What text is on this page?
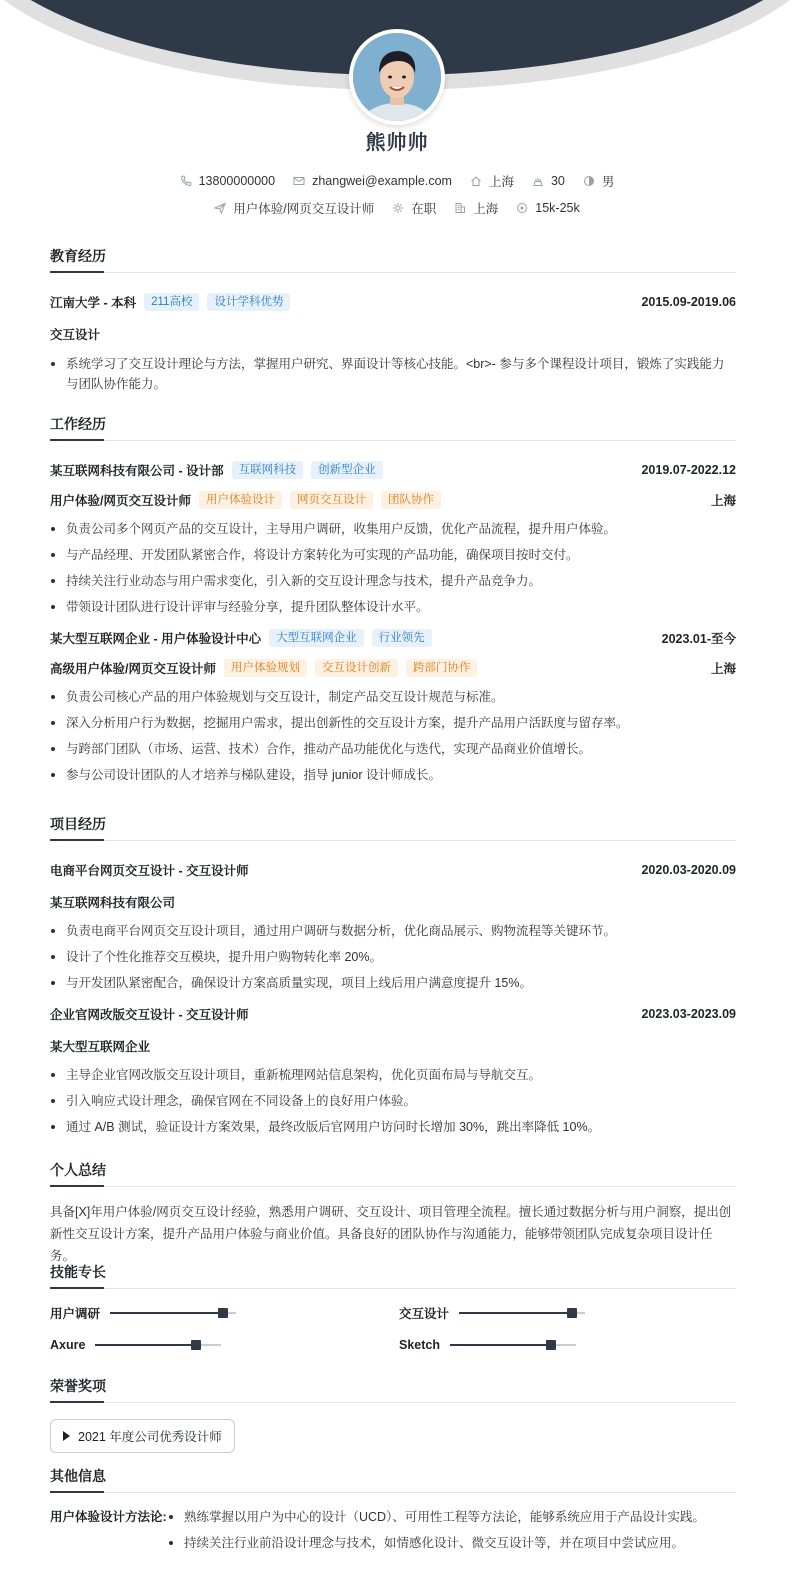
熊帅帅
13800000000	zhangwei@example.com	上海	30	男
用户体验/网页交互设计师	在职	上海	15k-25k
教育经历
江南大学 - 本科	211高校	设计学科优势	2015.09-2019.06
交互设计
系统学习了交互设计理论与方法，掌握用户研究、界面设计等核心技能。<br>- 参与多个课程设计项目，锻炼了实践能力与团队协作能力。
工作经历
某互联网科技有限公司 - 设计部	互联网科技	创新型企业	2019.07-2022.12
用户体验/网页交互设计师	用户体验设计	网页交互设计	团队协作	上海
负责公司多个网页产品的交互设计，主导用户调研，收集用户反馈，优化产品流程，提升用户体验。
与产品经理、开发团队紧密合作，将设计方案转化为可实现的产品功能，确保项目按时交付。
持续关注行业动态与用户需求变化，引入新的交互设计理念与技术，提升产品竞争力。
带领设计团队进行设计评审与经验分享，提升团队整体设计水平。
某大型互联网企业 - 用户体验设计中心	大型互联网企业	行业领先	2023.01-至今
高级用户体验/网页交互设计师	用户体验规划	交互设计创新	跨部门协作	上海
负责公司核心产品的用户体验规划与交互设计，制定产品交互设计规范与标准。
深入分析用户行为数据，挖掘用户需求，提出创新性的交互设计方案，提升产品用户活跃度与留存率。
与跨部门团队（市场、运营、技术）合作，推动产品功能优化与迭代，实现产品商业价值增长。
参与公司设计团队的人才培养与梯队建设，指导 junior 设计师成长。
项目经历
电商平台网页交互设计 - 交互设计师	2020.03-2020.09
某互联网科技有限公司
负责电商平台网页交互设计项目，通过用户调研与数据分析，优化商品展示、购物流程等关键环节。
设计了个性化推荐交互模块，提升用户购物转化率 20%。
与开发团队紧密配合，确保设计方案高质量实现，项目上线后用户满意度提升 15%。
企业官网改版交互设计 - 交互设计师	2023.03-2023.09
某大型互联网企业
主导企业官网改版交互设计项目，重新梳理网站信息架构，优化页面布局与导航交互。
引入响应式设计理念，确保官网在不同设备上的良好用户体验。
通过 A/B 测试，验证设计方案效果，最终改版后官网用户访问时长增加 30%，跳出率降低 10%。
个人总结
具备[X]年用户体验/网页交互设计经验，熟悉用户调研、交互设计、项目管理全流程。擅长通过数据分析与用户洞察，提出创新性交互设计方案，提升产品用户体验与商业价值。具备良好的团队协作与沟通能力，能够带领团队完成复杂项目设计任务。
技能专长
用户调研	交互设计
Axure	Sketch
荣誉奖项
2021 年度公司优秀设计师
其他信息
用户体验设计方法论:	熟练掌握以用户为中心的设计（UCD）、可用性工程等方法论，能够系统应用于产品设计实践。
持续关注行业前沿设计理念与技术，如情感化设计、微交互设计等，并在项目中尝试应用。
